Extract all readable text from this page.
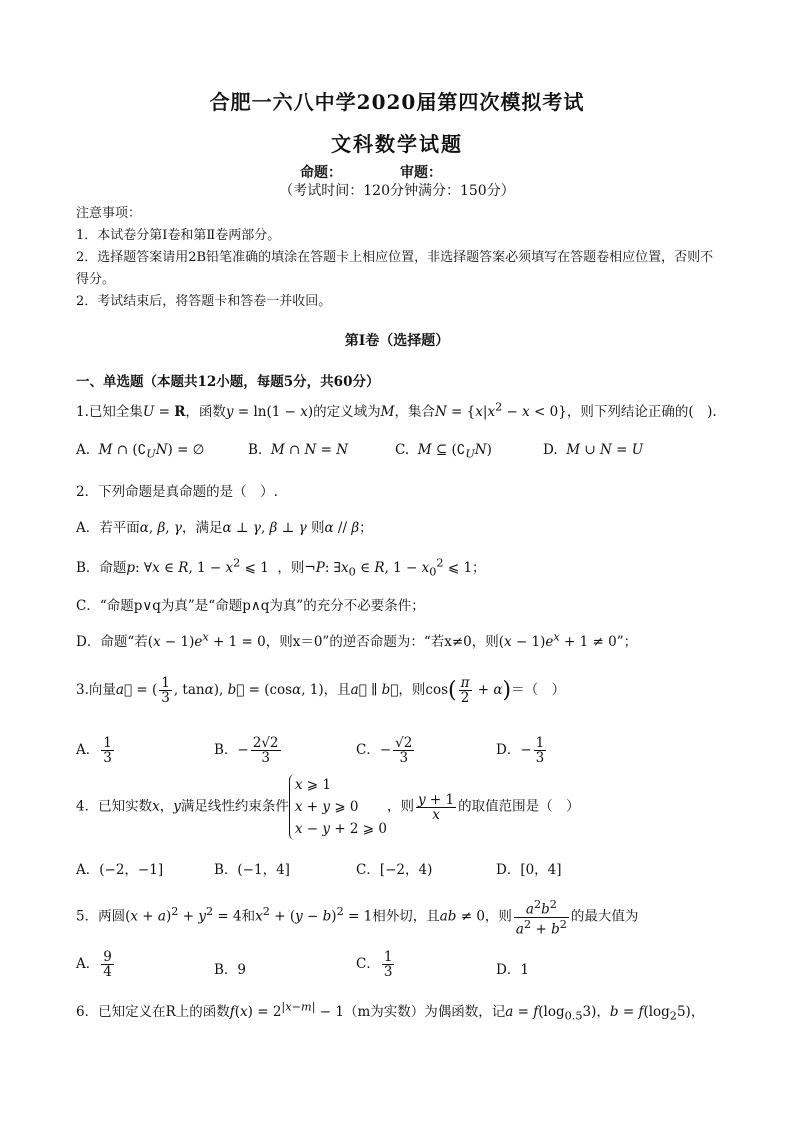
合肥一六八中学2020届第四次模拟考试
文科数学试题
命题：	审题：
（考试时间：120分钟满分：150分）
注意事项：
1．本试卷分第Ⅰ卷和第Ⅱ卷两部分。
2．选择题答案请用2B铅笔准确的填涂在答题卡上相应位置，非选择题答案必须填写在答题卷相应位置，否则不得分。
2．考试结束后，将答题卡和答卷一并收回。
第Ⅰ卷（选择题）
一、单选题（本题共12小题，每题5分，共60分）
1.已知全集U = R，函数y = ln(1 − x)的定义域为M，集合$N = \{x|x^2 - x < 0\}$，则下列结论正确的(　).
A. M ∩ $(∁_UN)$ = ∅	B. M ∩ N = N	C. M ⊆ $(∁_UN)$	D. M ∪ N = U
2．下列命题是真命题的是（　）.
A．若平面α, β, γ，满足α ⊥ γ, β ⊥ γ 则α // β；
B．命题p: ∀x ∈ R, $1 - x^2$ ⩽ 1  ，则¬P: $\exists x_0$ ∈ R, $1 - x_0^2$ ⩽ 1；
C．“命题p∨q为真”是“命题p∧q为真”的充分不必要条件；
D．命题“若$(x - 1)e^x + 1 = 0$，则x＝0”的逆否命题为：“若x≠0，则$(x - 1)e^x + 1 \ne 0$”；
3.向量a⃗ = ( $\frac{1}{3}$ , tanα), b⃗ = (cosα, 1)，且a⃗ ∥ b⃗，则$\cos( \frac{\pi}{2} + \alpha)=$（　）
A． $\frac{1}{3}$	B．− $\frac{2√2}{3}$	C．− $\frac{√2}{3}$	D．− $\frac{1}{3}$
4．已知实数x，y满足线性约束条件x ⩾ 1
x + y ⩾ 0
x − y + 2 ⩾ 0，则 $\frac{y + 1}{x}$ 的取值范围是（　）
A．(−2，−1]	B．(−1，4]	C．[−2，4)	D．[0，4]
5．两圆$(x + a)^2 + y^2 = 4$和$x^2 + (y - b)^2 = 1$相外切，且ab ≠ 0，则 $\frac{a^2b^2}{a^2 + b^2}$ 的最大值为
A． $\frac{9}{4}$	B．9	C． $\frac{1}{3}$	D．1
6．已知定义在R上的函数$f(x) = 2^{|x-m|} - 1(m$为实数）为偶函数，记$a = f(\log_{0.5}3)$，$b = f(\log_25)$，
